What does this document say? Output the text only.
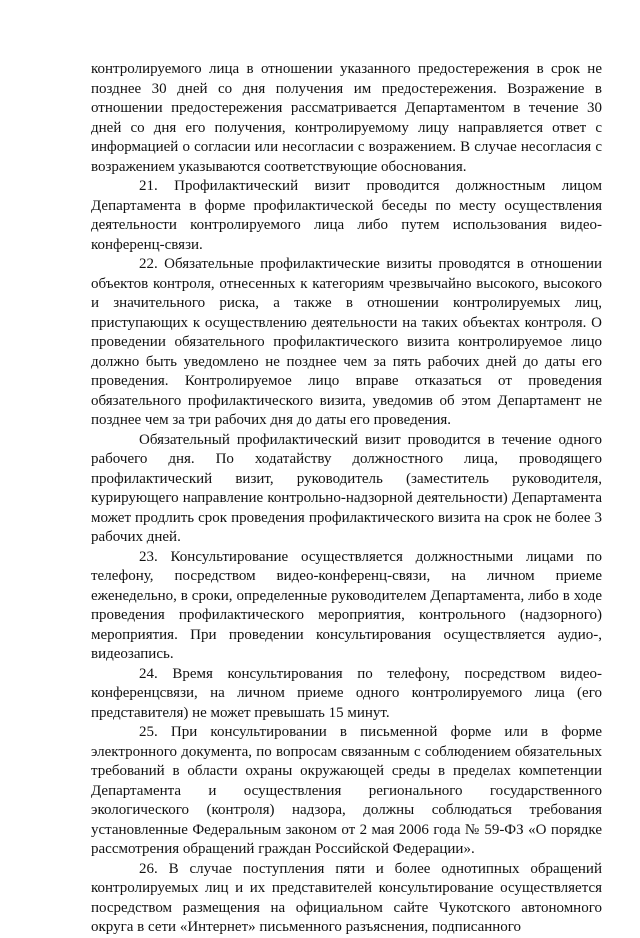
контролируемого лица в отношении указанного предостережения в срок не позднее 30 дней со дня получения им предостережения. Возражение в отношении предостережения рассматривается Департаментом в течение 30 дней со дня его получения, контролируемому лицу направляется ответ с информацией о согласии или несогласии с возражением. В случае несогласия с возражением указываются соответствующие обоснования.

21. Профилактический визит проводится должностным лицом Департамента в форме профилактической беседы по месту осуществления деятельности контролируемого лица либо путем использования видео-конференц-связи.

22. Обязательные профилактические визиты проводятся в отношении объектов контроля, отнесенных к категориям чрезвычайно высокого, высокого и значительного риска, а также в отношении контролируемых лиц, приступающих к осуществлению деятельности на таких объектах контроля. О проведении обязательного профилактического визита контролируемое лицо должно быть уведомлено не позднее чем за пять рабочих дней до даты его проведения. Контролируемое лицо вправе отказаться от проведения обязательного профилактического визита, уведомив об этом Департамент не позднее чем за три рабочих дня до даты его проведения.

Обязательный профилактический визит проводится в течение одного рабочего дня. По ходатайству должностного лица, проводящего профилактический визит, руководитель (заместитель руководителя, курирующего направление контрольно-надзорной деятельности) Департамента может продлить срок проведения профилактического визита на срок не более 3 рабочих дней.

23. Консультирование осуществляется должностными лицами по телефону, посредством видео-конференц-связи, на личном приеме еженедельно, в сроки, определенные руководителем Департамента, либо в ходе проведения профилактического мероприятия, контрольного (надзорного) мероприятия. При проведении консультирования осуществляется аудио-, видеозапись.

24. Время консультирования по телефону, посредством видео-конференцсвязи, на личном приеме одного контролируемого лица (его представителя) не может превышать 15 минут.

25. При консультировании в письменной форме или в форме электронного документа, по вопросам связанным с соблюдением обязательных требований в области охраны окружающей среды в пределах компетенции Департамента и осуществления регионального государственного экологического (контроля) надзора, должны соблюдаться требования установленные Федеральным законом от 2 мая 2006 года № 59-ФЗ «О порядке рассмотрения обращений граждан Российской Федерации».

26. В случае поступления пяти и более однотипных обращений контролируемых лиц и их представителей консультирование осуществляется посредством размещения на официальном сайте Чукотского автономного округа в сети «Интернет» письменного разъяснения, подписанного
